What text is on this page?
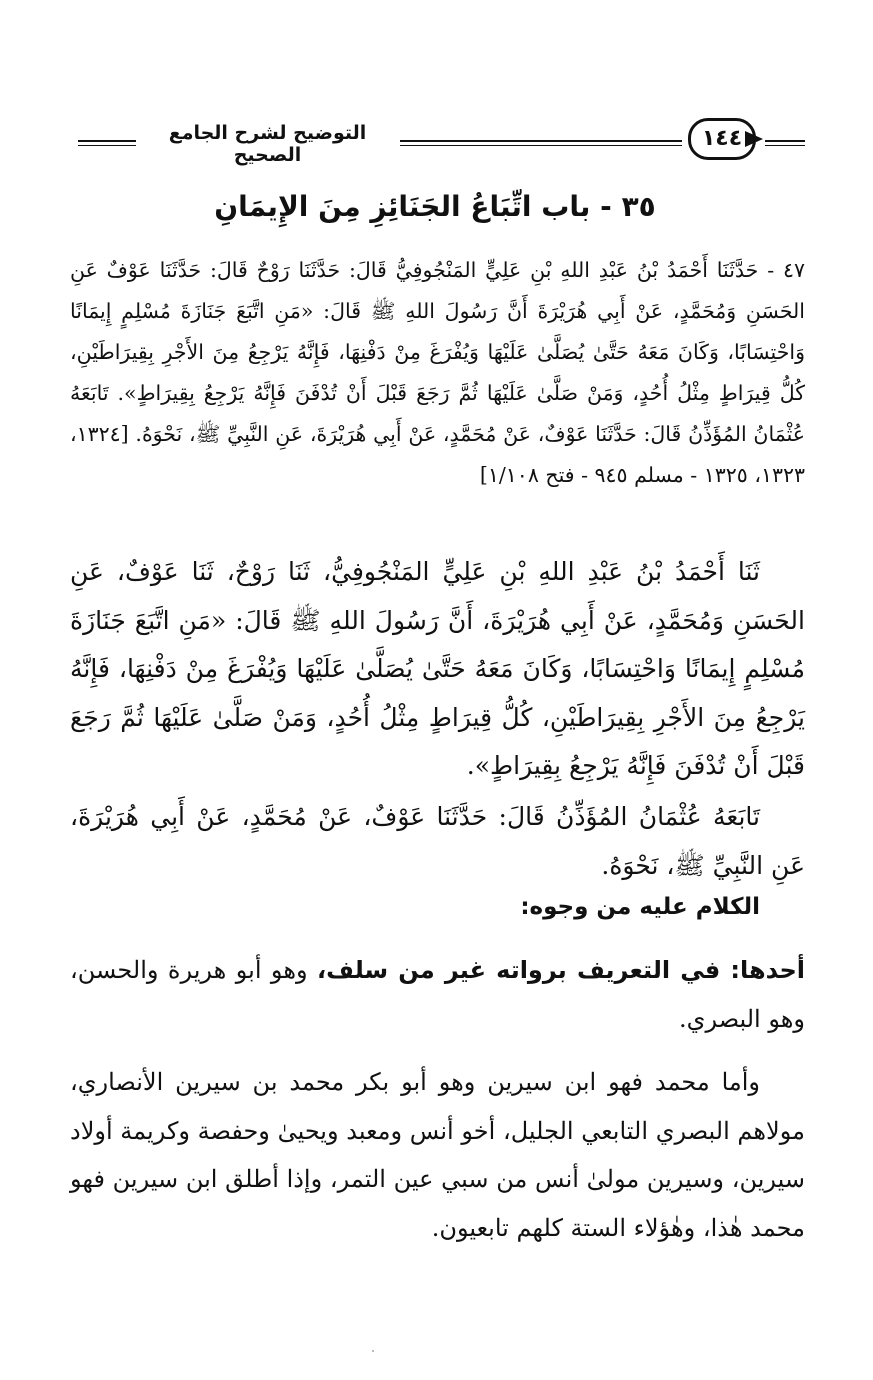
التوضيح لشرح الجامع الصحيح
١٤٤
٣٥ - باب اتِّبَاعُ الجَنَائِزِ مِنَ الإِيمَانِ

٤٧ - حَدَّثَنَا أَحْمَدُ بْنُ عَبْدِ اللهِ بْنِ عَلِيٍّ المَنْجُوفِيُّ قَالَ: حَدَّثَنَا رَوْحٌ قَالَ: حَدَّثَنَا عَوْفٌ عَنِ الحَسَنِ وَمُحَمَّدٍ، عَنْ أَبِي هُرَيْرَةَ أَنَّ رَسُولَ اللهِ ﷺ قَالَ: «مَنِ اتَّبَعَ جَنَازَةَ مُسْلِمٍ إِيمَانًا وَاحْتِسَابًا، وَكَانَ مَعَهُ حَتَّىٰ يُصَلَّىٰ عَلَيْهَا وَيُفْرَغَ مِنْ دَفْنِهَا، فَإِنَّهُ يَرْجِعُ مِنَ الأَجْرِ بِقِيرَاطَيْنِ، كُلُّ قِيرَاطٍ مِثْلُ أُحُدٍ، وَمَنْ صَلَّىٰ عَلَيْهَا ثُمَّ رَجَعَ قَبْلَ أَنْ تُدْفَنَ فَإِنَّهُ يَرْجِعُ بِقِيرَاطٍ». تَابَعَهُ عُثْمَانُ المُؤَذِّنُ قَالَ: حَدَّثَنَا عَوْفٌ، عَنْ مُحَمَّدٍ، عَنْ أَبِي هُرَيْرَةَ، عَنِ النَّبِيِّ ﷺ، نَحْوَهُ. [١٣٢٤، ١٣٢٣، ١٣٢٥ - مسلم ٩٤٥ - فتح ١/١٠٨]

ثَنَا أَحْمَدُ بْنُ عَبْدِ اللهِ بْنِ عَلِيٍّ المَنْجُوفِيُّ، ثَنَا رَوْحٌ، ثَنَا عَوْفٌ، عَنِ الحَسَنِ وَمُحَمَّدٍ، عَنْ أَبِي هُرَيْرَةَ، أَنَّ رَسُولَ اللهِ ﷺ قَالَ: «مَنِ اتَّبَعَ جَنَازَةَ مُسْلِمٍ إِيمَانًا وَاحْتِسَابًا، وَكَانَ مَعَهُ حَتَّىٰ يُصَلَّىٰ عَلَيْهَا وَيُفْرَغَ مِنْ دَفْنِهَا، فَإِنَّهُ يَرْجِعُ مِنَ الأَجْرِ بِقِيرَاطَيْنِ، كُلُّ قِيرَاطٍ مِثْلُ أُحُدٍ، وَمَنْ صَلَّىٰ عَلَيْهَا ثُمَّ رَجَعَ قَبْلَ أَنْ تُدْفَنَ فَإِنَّهُ يَرْجِعُ بِقِيرَاطٍ».

تَابَعَهُ عُثْمَانُ المُؤَذِّنُ قَالَ: حَدَّثَنَا عَوْفٌ، عَنْ مُحَمَّدٍ، عَنْ أَبِي هُرَيْرَةَ، عَنِ النَّبِيِّ ﷺ، نَحْوَهُ.

الكلام عليه من وجوه:

أحدها: في التعريف برواته غير من سلف، وهو أبو هريرة والحسن، وهو البصري.

وأما محمد فهو ابن سيرين وهو أبو بكر محمد بن سيرين الأنصاري، مولاهم البصري التابعي الجليل، أخو أنس ومعبد ويحيىٰ وحفصة وكريمة أولاد سيرين، وسيرين مولىٰ أنس من سبي عين التمر، وإذا أطلق ابن سيرين فهو محمد هٰذا، وهٰؤلاء الستة كلهم تابعيون.
